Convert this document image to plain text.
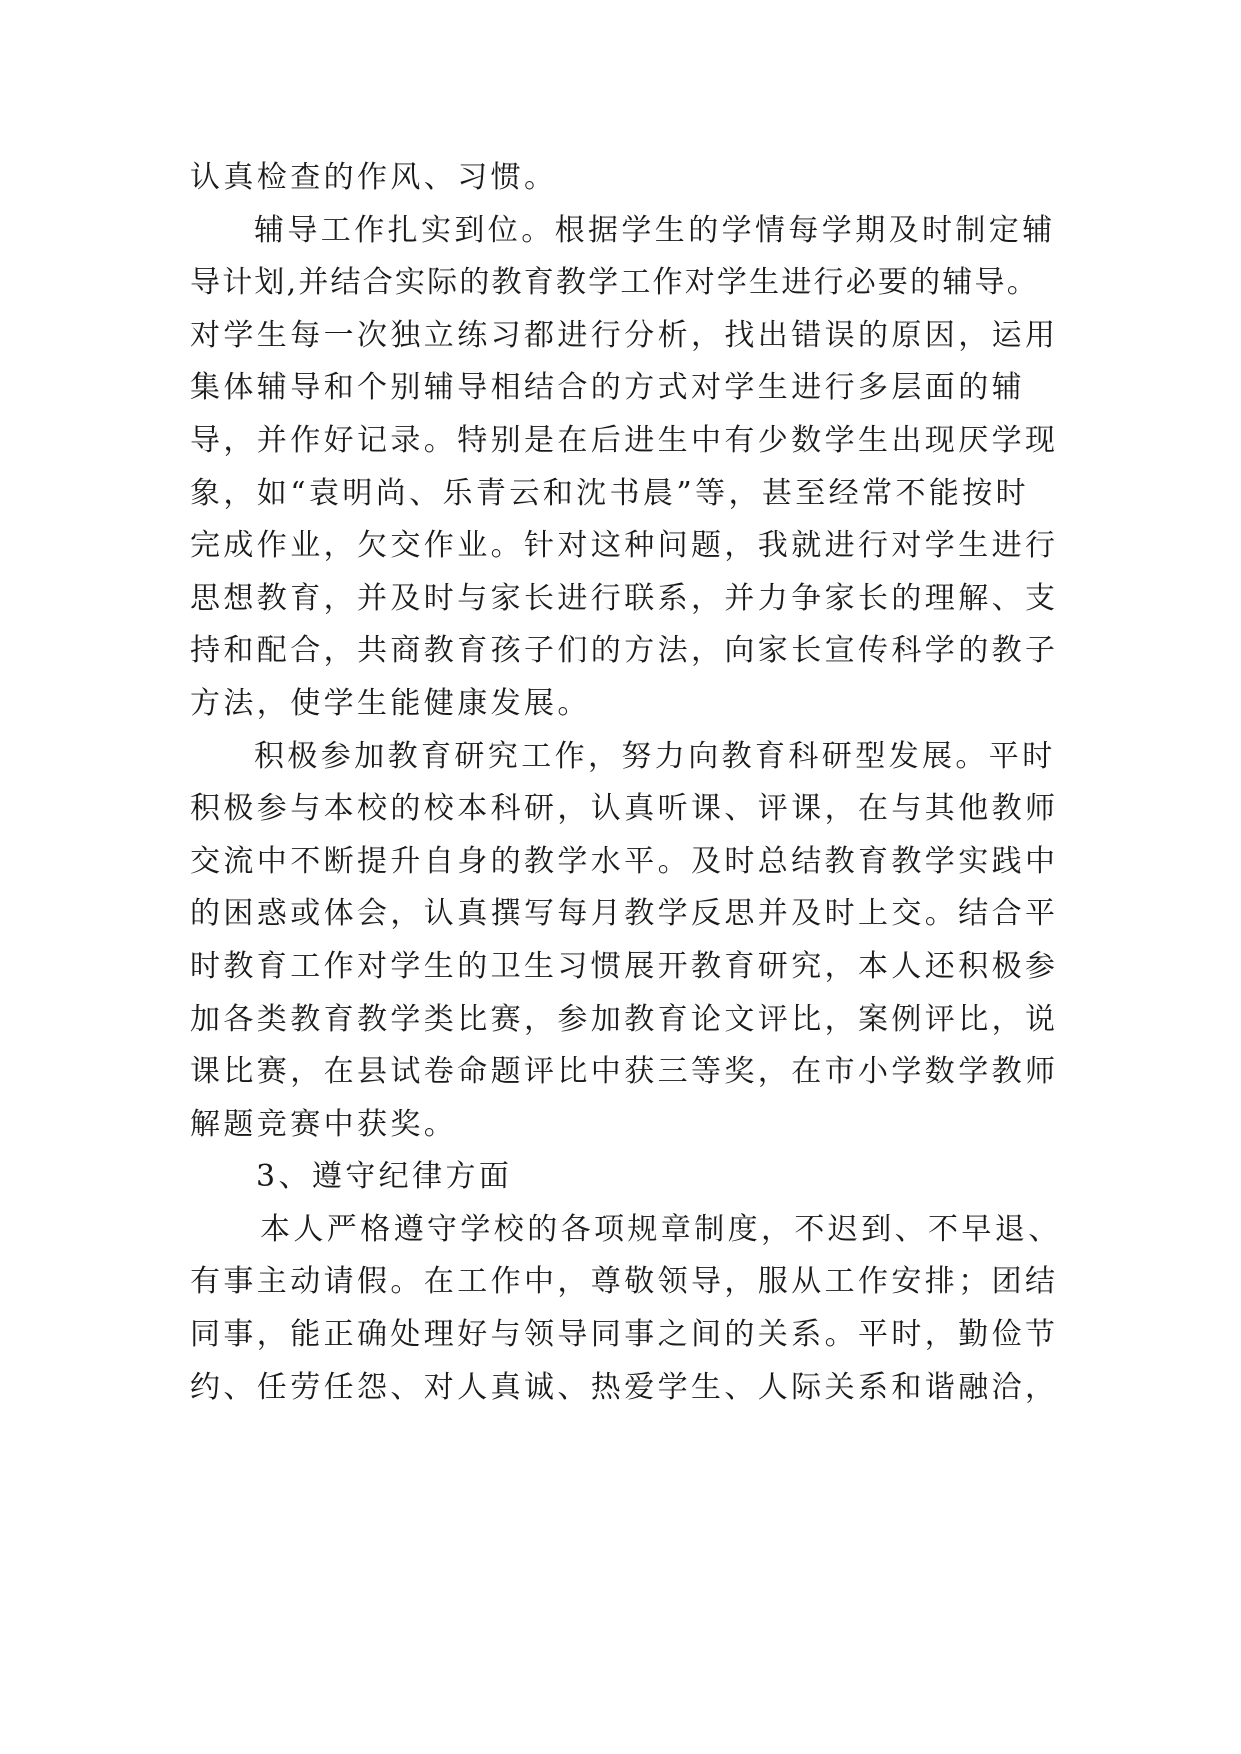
认真检查的作风、习惯。
辅导工作扎实到位。根据学生的学情每学期及时制定辅
导计划,并结合实际的教育教学工作对学生进行必要的辅导。
对学生每一次独立练习都进行分析，找出错误的原因，运用
集体辅导和个别辅导相结合的方式对学生进行多层面的辅
导，并作好记录。特别是在后进生中有少数学生出现厌学现
象，如“袁明尚、乐青云和沈书晨”等，甚至经常不能按时
完成作业，欠交作业。针对这种问题，我就进行对学生进行
思想教育，并及时与家长进行联系，并力争家长的理解、支
持和配合，共商教育孩子们的方法，向家长宣传科学的教子
方法，使学生能健康发展。
积极参加教育研究工作，努力向教育科研型发展。平时
积极参与本校的校本科研，认真听课、评课，在与其他教师
交流中不断提升自身的教学水平。及时总结教育教学实践中
的困惑或体会，认真撰写每月教学反思并及时上交。结合平
时教育工作对学生的卫生习惯展开教育研究，本人还积极参
加各类教育教学类比赛，参加教育论文评比，案例评比，说
课比赛，在县试卷命题评比中获三等奖，在市小学数学教师
解题竞赛中获奖。
3、遵守纪律方面
本人严格遵守学校的各项规章制度，不迟到、不早退、
有事主动请假。在工作中，尊敬领导，服从工作安排；团结
同事，能正确处理好与领导同事之间的关系。平时，勤俭节
约、任劳任怨、对人真诚、热爱学生、人际关系和谐融洽，
